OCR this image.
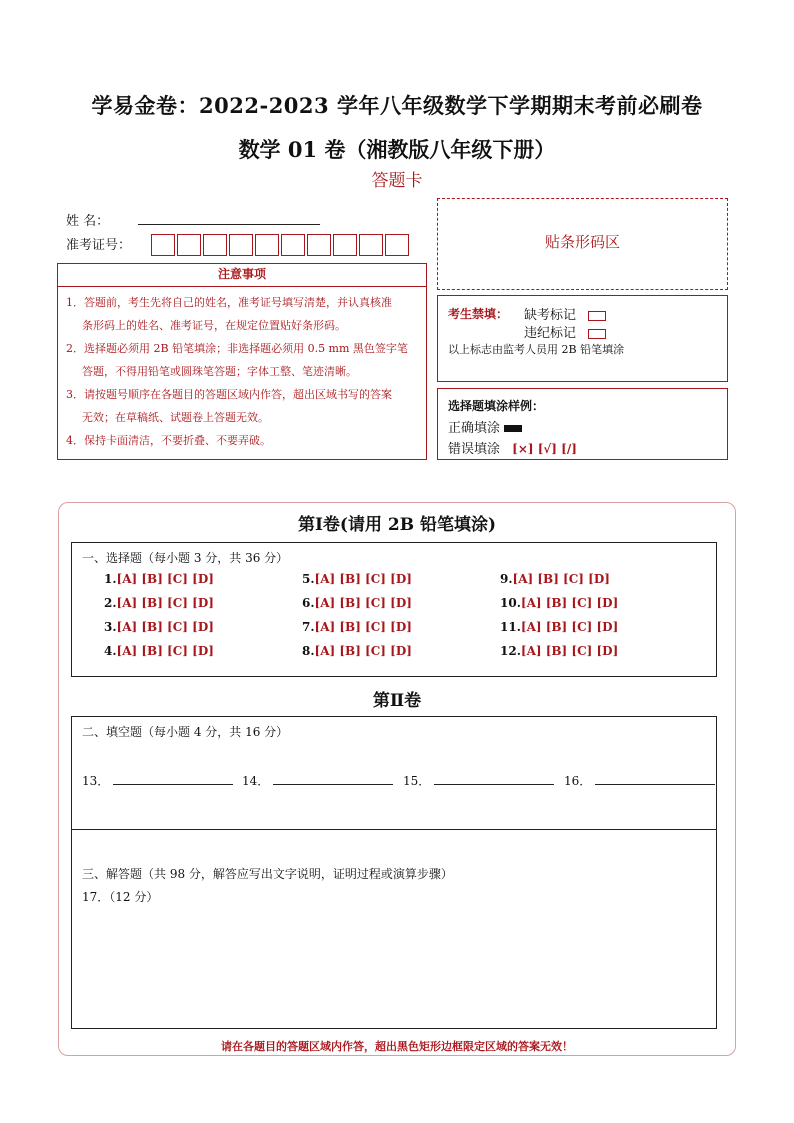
学易金卷：2022-2023 学年八年级数学下学期期末考前必刷卷
数学 01 卷（湘教版八年级下册）
答题卡
姓 名：
准考证号：	贴条形码区
注意事项
1．答题前，考生先将自己的姓名，准考证号填写清楚，并认真核准
条形码上的姓名、准考证号，在规定位置贴好条形码。
2．选择题必须用 2B 铅笔填涂；非选择题必须用 0.5 mm 黑色签字笔
答题，不得用铅笔或圆珠笔答题；字体工整、笔迹清晰。
3．请按题号顺序在各题目的答题区域内作答，超出区域书写的答案
无效；在草稿纸、试题卷上答题无效。
4．保持卡面清洁，不要折叠、不要弄破。
考生禁填： 缺考标记
违纪标记
以上标志由监考人员用 2B 铅笔填涂
选择题填涂样例：
正确填涂
错误填涂 [×] [√] [/]
第Ⅰ卷(请用 2B 铅笔填涂)
一、选择题（每小题 3 分，共 36 分）
1.[A] [B] [C] [D]
2.[A] [B] [C] [D]
3.[A] [B] [C] [D]
4.[A] [B] [C] [D]
5.[A] [B] [C] [D]
6.[A] [B] [C] [D]
7.[A] [B] [C] [D]
8.[A] [B] [C] [D]
9.[A] [B] [C] [D]
10.[A] [B] [C] [D]
11.[A] [B] [C] [D]
12.[A] [B] [C] [D]
第Ⅱ卷
二、填空题（每小题 4 分，共 16 分）
13．	14．	15．	16．
三、解答题（共 98 分，解答应写出文字说明，证明过程或演算步骤）
17．（12 分）
请在各题目的答题区域内作答，超出黑色矩形边框限定区域的答案无效！
